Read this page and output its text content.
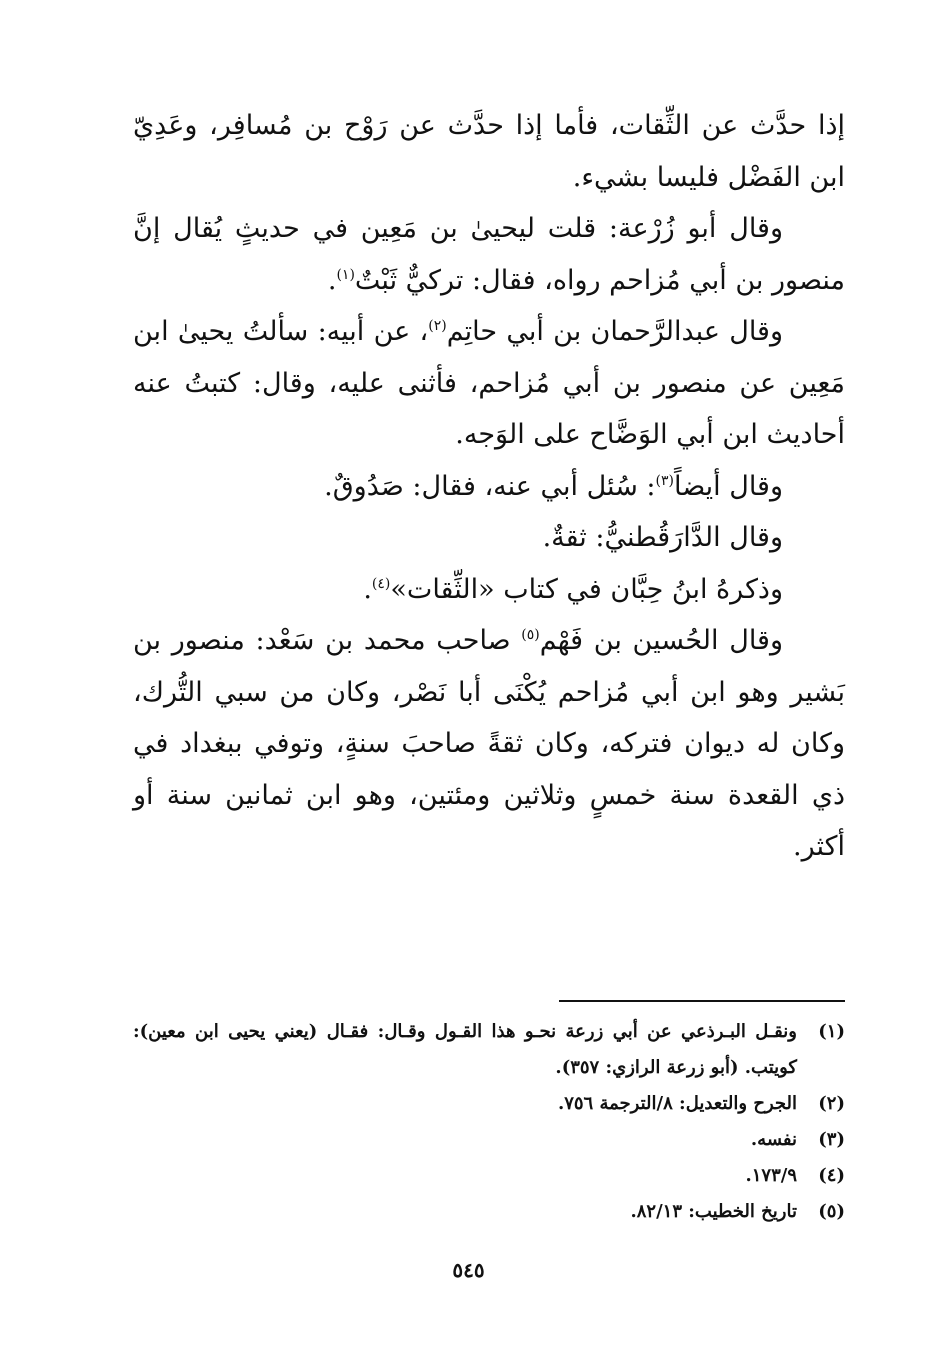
إذا حدَّث عن الثِّقات، فأما إذا حدَّث عن رَوْح بن مُسافِر، وعَدِيّ ابن الفَضْل فليسا بشيء.

وقال أبو زُرْعة: قلت ليحيىٰ بن مَعِين في حديثٍ يُقال إنَّ منصور بن أبي مُزاحم رواه، فقال: تركيٌّ ثَبْتٌ$^{(١)}$.

وقال عبدالرَّحمان بن أبي حاتِم$^{(٢)}$، عن أبيه: سألتُ يحيىٰ ابن مَعِين عن منصور بن أبي مُزاحم، فأثنى عليه، وقال: كتبتُ عنه أحاديث ابن أبي الوَضَّاح على الوَجه.

وقال أيضاً$^{(٣)}$: سُئل أبي عنه، فقال: صَدُوقٌ.

وقال الدَّارَقُطنيُّ: ثقةٌ.

وذكرهُ ابنُ حِبَّان في كتاب «الثِّقات»$^{(٤)}$.

وقال الحُسين بن فَهْم$^{(٥)}$ صاحب محمد بن سَعْد: منصور بن بَشير وهو ابن أبي مُزاحم يُكْنَى أبا نَصْر، وكان من سبي التُّرك، وكان له ديوان فتركه، وكان ثقةً صاحبَ سنةٍ، وتوفي ببغداد في ذي القعدة سنة خمسٍ وثلاثين ومئتين، وهو ابن ثمانين سنة أو أكثر.

(١)
ونقـل البـرذعي عن أبي زرعة نحـو هذا القـول وقـال: فقـال (يعني يحيى ابن معين): كويتب. (أبو زرعة الرازي: ٣٥٧).
(٢)
الجرح والتعديل: ٨/الترجمة ٧٥٦.
(٣)
نفسه.
(٤)
١٧٣/٩.
(٥)
تاريخ الخطيب: ٨٢/١٣.
٥٤٥
